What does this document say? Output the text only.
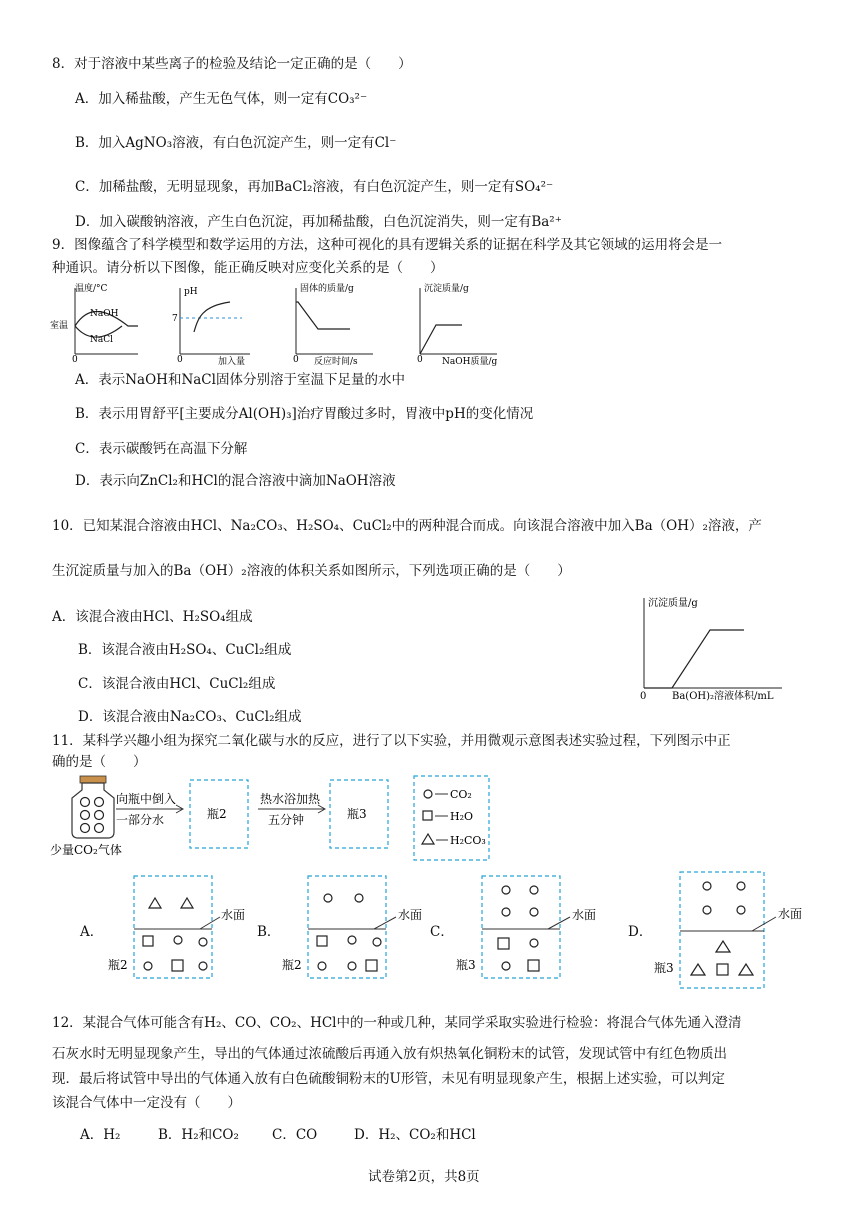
8．对于溶液中某些离子的检验及结论一定正确的是（　　）
A．加入稀盐酸，产生无色气体，则一定有CO₃²⁻
B．加入AgNO₃溶液，有白色沉淀产生，则一定有Cl⁻
C．加稀盐酸，无明显现象，再加BaCl₂溶液，有白色沉淀产生，则一定有SO₄²⁻
D．加入碳酸钠溶液，产生白色沉淀，再加稀盐酸，白色沉淀消失，则一定有Ba²⁺
9．图像蕴含了科学模型和数学运用的方法，这种可视化的具有逻辑关系的证据在科学及其它领域的运用将会是一
种通识。请分析以下图像，能正确反映对应变化关系的是（　　）
温度/°C
室温
NaOH
NaCl
0
pH
7
0	加入量
固体的质量/g
0 反应时间/s
沉淀质量/g
0 NaOH质量/g
A．表示NaOH和NaCl固体分别溶于室温下足量的水中
B．表示用胃舒平[主要成分Al(OH)₃]治疗胃酸过多时，胃液中pH的变化情况
C．表示碳酸钙在高温下分解
D．表示向ZnCl₂和HCl的混合溶液中滴加NaOH溶液
10．已知某混合溶液由HCl、Na₂CO₃、H₂SO₄、CuCl₂中的两种混合而成。向该混合溶液中加入Ba（OH）₂溶液，产
生沉淀质量与加入的Ba（OH）₂溶液的体积关系如图所示，下列选项正确的是（　　）
A．该混合液由HCl、H₂SO₄组成
B．该混合液由H₂SO₄、CuCl₂组成
C．该混合液由HCl、CuCl₂组成
D．该混合液由Na₂CO₃、CuCl₂组成
沉淀质量/g
0	Ba(OH)₂溶液体积/mL
11．某科学兴趣小组为探究二氧化碳与水的反应，进行了以下实验，并用微观示意图表述实验过程，下列图示中正
确的是（　　）
少量CO₂气体
向瓶中倒入
一部分水	瓶2
热水浴加热
五分钟	瓶3
CO₂
H₂O
H₂CO₃
A．
水面
瓶2
B．
水面
瓶2
C．
水面
瓶3
D．
水面
瓶3
12．某混合气体可能含有H₂、CO、CO₂、HCl中的一种或几种，某同学采取实验进行检验：将混合气体先通入澄清
石灰水时无明显现象产生，导出的气体通过浓硫酸后再通入放有炽热氧化铜粉末的试管，发现试管中有红色物质出
现．最后将试管中导出的气体通入放有白色硫酸铜粉末的U形管，未见有明显现象产生，根据上述实验，可以判定
该混合气体中一定没有（　　）
A．H₂	B．H₂和CO₂ C．CO	D．H₂、CO₂和HCl
试卷第2页，共8页
